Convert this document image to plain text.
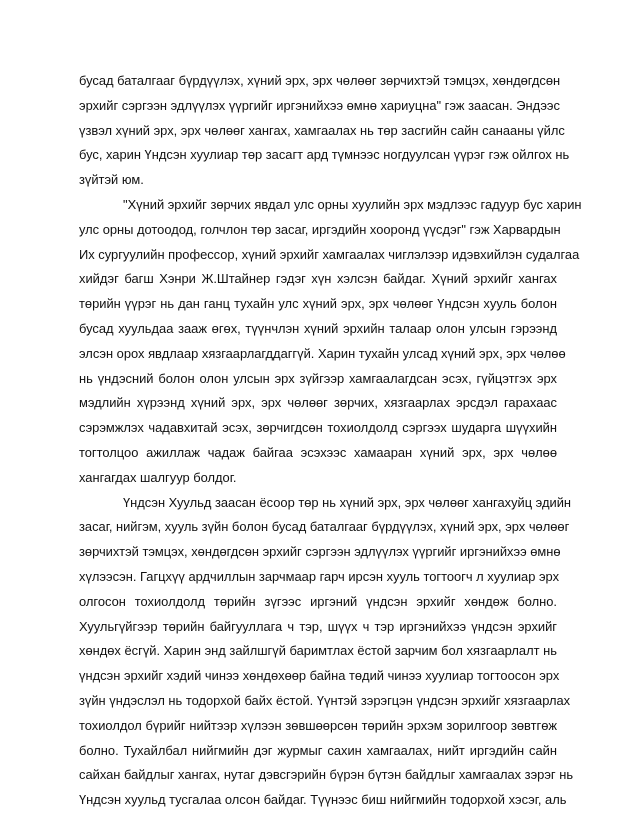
бусад баталгааг бүрдүүлэх, хүний эрх, эрх чөлөөг зөрчихтэй тэмцэх, хөндөгдсөн
эрхийг сэргээн эдлүүлэх үүргийг иргэнийхээ өмнө хариуцна" гэж заасан. Эндээс
үзвэл хүний эрх, эрх чөлөөг хангах, хамгаалах нь төр засгийн сайн санааны үйлс
бус, харин Үндсэн хуулиар төр засагт ард түмнээс ногдуулсан үүрэг гэж ойлгох нь
зүйтэй юм.
"Хүний эрхийг зөрчих явдал улс орны хуулийн эрх мэдлээс гадуур бус харин
улс орны дотоодод, голчлон төр засаг, иргэдийн хооронд үүсдэг" гэж Харвардын
Их сургуулийн профессор, хүний эрхийг хамгаалах чиглэлээр идэвхийлэн судалгаа
хийдэг багш Хэнри Ж.Штайнер гэдэг хүн хэлсэн байдаг. Хүний эрхийг хангах
төрийн үүрэг нь дан ганц тухайн улс хүний эрх, эрх чөлөөг Үндсэн хууль болон
бусад хуульдаа зааж өгөх, түүнчлэн хүний эрхийн талаар олон улсын гэрээнд
элсэн орох явдлаар хязгаарлагддаггүй. Харин тухайн улсад хүний эрх, эрх чөлөө
нь үндэсний болон олон улсын эрх зүйгээр хамгаалагдсан эсэх, гүйцэтгэх эрх
мэдлийн хүрээнд хүний эрх, эрх чөлөөг зөрчих, хязгаарлах эрсдэл гарахаас
сэрэмжлэх чадавхитай эсэх, зөрчигдсөн тохиолдолд сэргээх шударга шүүхийн
тогтолцоо ажиллаж чадаж байгаа эсэхээс хамааран хүний эрх, эрх чөлөө
хангагдах шалгуур болдог.
Үндсэн Хуульд заасан ёсоор төр нь хүний эрх, эрх чөлөөг хангахуйц эдийн
засаг, нийгэм, хууль зүйн болон бусад баталгааг бүрдүүлэх, хүний эрх, эрх чөлөөг
зөрчихтэй тэмцэх, хөндөгдсөн эрхийг сэргээн эдлүүлэх үүргийг иргэнийхээ өмнө
хүлээсэн. Гагцхүү ардчиллын зарчмаар гарч ирсэн хууль тогтоогч л хуулиар эрх
олгосон тохиолдолд төрийн зүгээс иргэний үндсэн эрхийг хөндөж болно.
Хуульгүйгээр төрийн байгууллага ч тэр, шүүх ч тэр иргэнийхээ үндсэн эрхийг
хөндөх ёсгүй. Харин энд зайлшгүй баримтлах ёстой зарчим бол хязгаарлалт нь
үндсэн эрхийг хэдий чинээ хөндөхөөр байна төдий чинээ хуулиар тогтоосон эрх
зүйн үндэслэл нь тодорхой байх ёстой. Үүнтэй зэрэгцэн үндсэн эрхийг хязгаарлах
тохиолдол бүрийг нийтээр хүлээн зөвшөөрсөн төрийн эрхэм зорилгоор зөвтгөж
болно. Тухайлбал нийгмийн дэг журмыг сахин хамгаалах, нийт иргэдийн сайн
сайхан байдлыг хангах, нутаг дэвсгэрийн бүрэн бүтэн байдлыг хамгаалах зэрэг нь
Үндсэн хуульд тусгалаа олсон байдаг. Түүнээс биш нийгмийн тодорхой хэсэг, аль
